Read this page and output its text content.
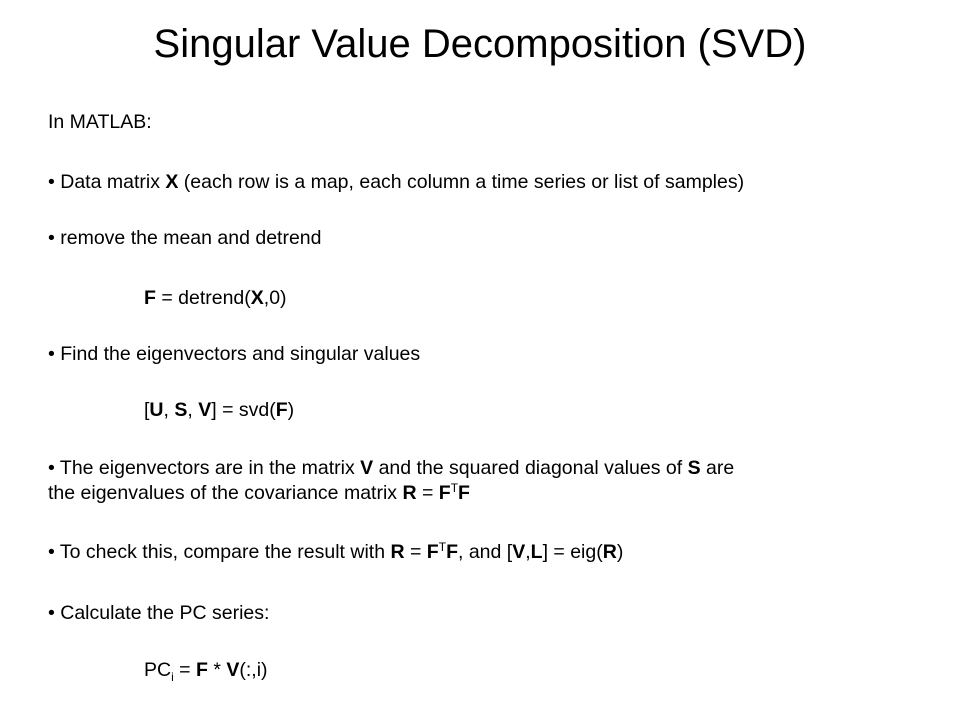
Singular Value Decomposition (SVD)
In MATLAB:
• Data matrix X (each row is a map, each column a time series or list of samples)
• remove the mean and detrend
F = detrend(X,0)
• Find the eigenvectors and singular values
[U, S, V] = svd(F)
• The eigenvectors are in the matrix V and the squared diagonal values of S are
the eigenvalues of the covariance matrix $R = F^TF$
• To check this, compare the result with $R = F^TF$, and [V,L] = eig(R)
• Calculate the PC series:
$PC_i = F$ * V(:,i)
